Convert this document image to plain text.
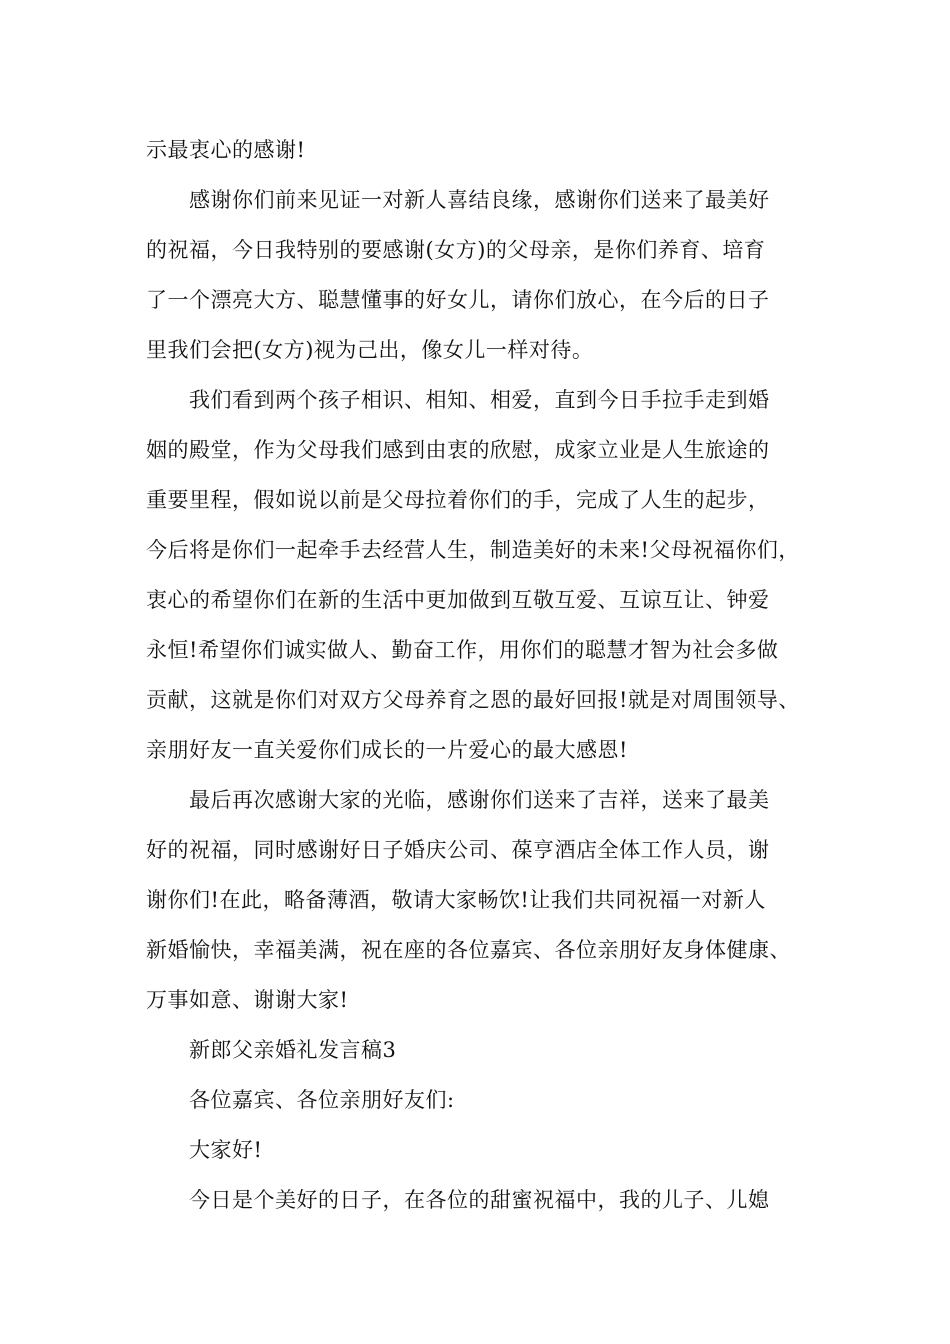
示最衷心的感谢!
感谢你们前来见证一对新人喜结良缘，感谢你们送来了最美好
的祝福，今日我特别的要感谢(女方)的父母亲，是你们养育、培育
了一个漂亮大方、聪慧懂事的好女儿，请你们放心，在今后的日子
里我们会把(女方)视为己出，像女儿一样对待。
我们看到两个孩子相识、相知、相爱，直到今日手拉手走到婚
姻的殿堂，作为父母我们感到由衷的欣慰，成家立业是人生旅途的
重要里程，假如说以前是父母拉着你们的手，完成了人生的起步，
今后将是你们一起牵手去经营人生，制造美好的未来!父母祝福你们，
衷心的希望你们在新的生活中更加做到互敬互爱、互谅互让、钟爱
永恒!希望你们诚实做人、勤奋工作，用你们的聪慧才智为社会多做
贡献，这就是你们对双方父母养育之恩的最好回报!就是对周围领导、
亲朋好友一直关爱你们成长的一片爱心的最大感恩!
最后再次感谢大家的光临，感谢你们送来了吉祥，送来了最美
好的祝福，同时感谢好日子婚庆公司、葆亨酒店全体工作人员，谢
谢你们!在此，略备薄酒，敬请大家畅饮!让我们共同祝福一对新人
新婚愉快，幸福美满，祝在座的各位嘉宾、各位亲朋好友身体健康、
万事如意、谢谢大家!
新郎父亲婚礼发言稿3
各位嘉宾、各位亲朋好友们:
大家好!
今日是个美好的日子，在各位的甜蜜祝福中，我的儿子、儿媳
